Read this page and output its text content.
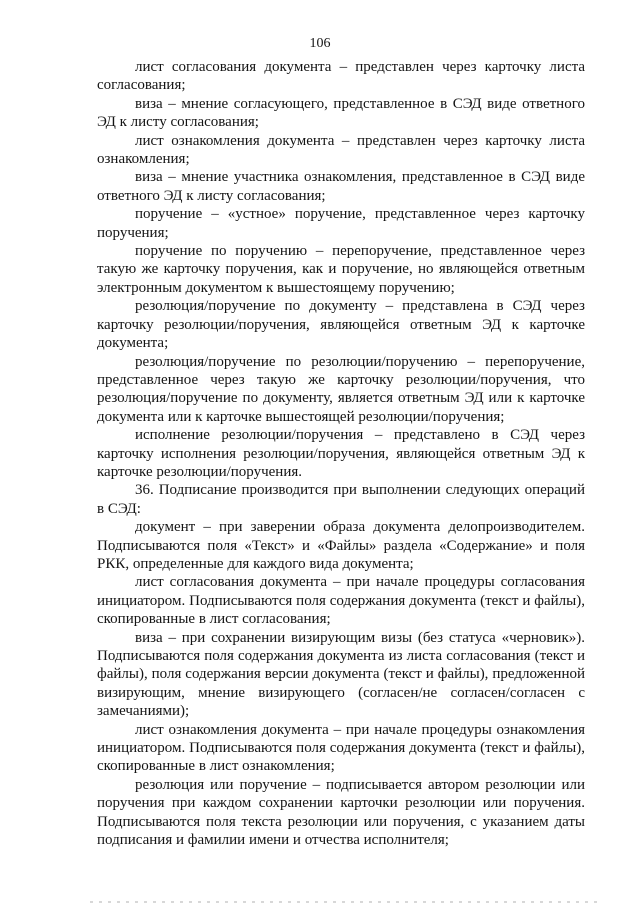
106

лист согласования документа – представлен через карточку листа согласования;

виза – мнение согласующего, представленное в СЭД виде ответного ЭД к листу согласования;

лист ознакомления документа – представлен через карточку листа ознакомления;

виза – мнение участника ознакомления, представленное в СЭД виде ответного ЭД к листу согласования;

поручение – «устное» поручение, представленное через карточку поручения;

поручение по поручению – перепоручение, представленное через такую же карточку поручения, как и поручение, но являющейся ответным электронным документом к вышестоящему поручению;

резолюция/поручение по документу – представлена в СЭД через карточку резолюции/поручения, являющейся ответным ЭД к карточке документа;

резолюция/поручение по резолюции/поручению – перепоручение, представленное через такую же карточку резолюции/поручения, что резолюция/поручение по документу, является ответным ЭД или к карточке документа или к карточке вышестоящей резолюции/поручения;

исполнение резолюции/поручения – представлено в СЭД через карточку исполнения резолюции/поручения, являющейся ответным ЭД к карточке резолюции/поручения.

36. Подписание производится при выполнении следующих операций в СЭД:

документ – при заверении образа документа делопроизводителем. Подписываются поля «Текст» и «Файлы» раздела «Содержание» и поля РКК, определенные для каждого вида документа;

лист согласования документа – при начале процедуры согласования инициатором. Подписываются поля содержания документа (текст и файлы), скопированные в лист согласования;

виза – при сохранении визирующим визы (без статуса «черновик»). Подписываются поля содержания документа из листа согласования (текст и файлы), поля содержания версии документа (текст и файлы), предложенной визирующим, мнение визирующего (согласен/не согласен/согласен с замечаниями);

лист ознакомления документа – при начале процедуры ознакомления инициатором. Подписываются поля содержания документа (текст и файлы), скопированные в лист ознакомления;

резолюция или поручение – подписывается автором резолюции или поручения при каждом сохранении карточки резолюции или поручения. Подписываются поля текста резолюции или поручения, с указанием даты подписания и фамилии имени и отчества исполнителя;
